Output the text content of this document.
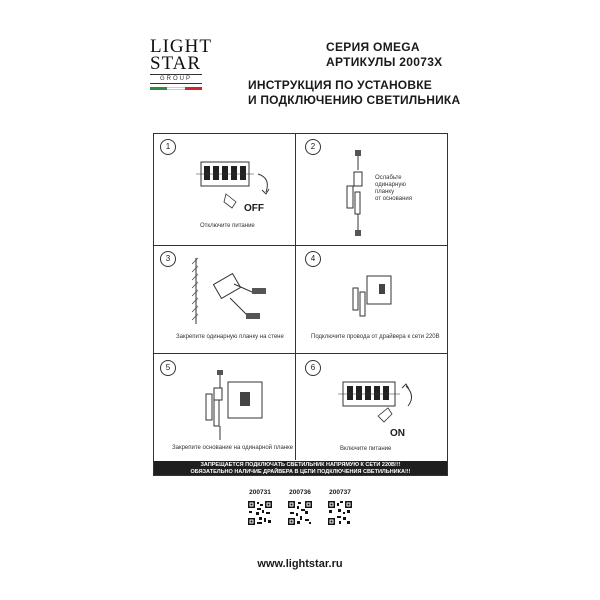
LIGHT
STAR
GROUP
СЕРИЯ OMEGA
АРТИКУЛЫ 20073X
ИНСТРУКЦИЯ ПО УСТАНОВКЕ
И ПОДКЛЮЧЕНИЮ СВЕТИЛЬНИКА
1
OFF
Отключите питание
2
Ослабьте
одинарную
планку
от основания
3
Закрепите одинарную планку на стене
4
Подключите провода от драйвера к сети 220В
5
Закрепите основание на одинарной планке
6
ON
Включите питание
ЗАПРЕЩАЕТСЯ ПОДКЛЮЧАТЬ СВЕТИЛЬНИК НАПРЯМУЮ К СЕТИ 220В!!!
ОБЯЗАТЕЛЬНО НАЛИЧИЕ ДРАЙВЕРА В ЦЕПИ ПОДКЛЮЧЕНИЯ СВЕТИЛЬНИКА!!!
200731	200736	200737
www.lightstar.ru
